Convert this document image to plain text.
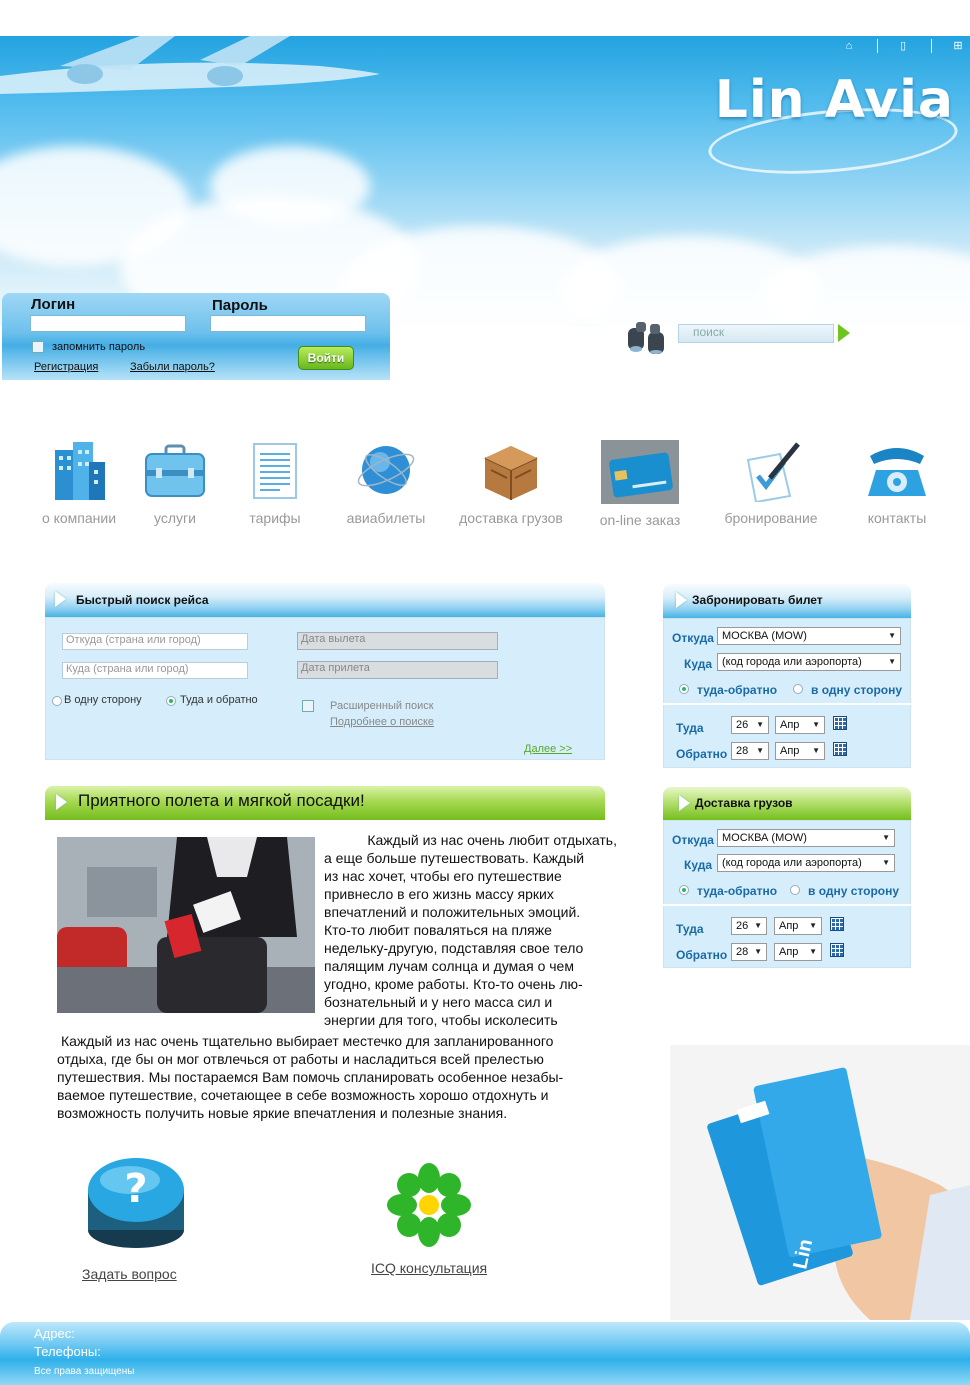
Lin Avia
⌂	▯	⊞
Логин	Пароль
запомнить пароль
Регистрация	Забыли пароль?
Войти
поиск
о компании	услуги	тарифы	авиабилеты	доставка грузов	on-line заказ	бронирование	контакты
Быстрый поиск рейса
Откуда (страна или город)
Куда (страна или город)
Дата вылета
Дата прилета
В одну сторону	Туда и обратно	Расширенный поиск
Подробнее о поиске
Далее >>
Забронировать билет
Откуда МОСКВА (MOW) ▼
Куда (код города или аэропорта) ▼
туда-обратно	в одну сторону
Туда	26 ▼	Апр ▼
Обратно 28 ▼	Апр ▼
Доставка грузов
Откуда МОСКВА (MOW) ▼
Куда (код города или аэропорта) ▼
туда-обратно	в одну сторону
Туда	26 ▼	Апр ▼
Обратно 28 ▼	Апр ▼
Приятного полета и мягкой посадки!
Каждый из нас очень любит отдыхать,
а еще больше путешествовать. Каждый
из нас хочет, чтобы его путешествие
привнесло в его жизнь массу ярких
впечатлений и положительных эмоций.
Кто-то любит поваляться на пляже
недельку-другую, подставляя свое тело
палящим лучам солнца и думая о чем
угодно, кроме работы. Кто-то очень лю-
бознательный и у него масса сил и
энергии для того, чтобы исколесить
Каждый из нас очень тщательно выбирает местечко для запланированного
отдыха, где бы он мог отвлечься от работы и насладиться всей прелестью
путешествия. Мы постараемся Вам помочь спланировать особенное незабы-
ваемое путешествие, сочетающее в себе возможность хорошо отдохнуть и
возможность получить новые яркие впечатления и полезные знания.
?
Задать вопрос	ICQ консультация	Lin
Адрес:
Телефоны:
Все права защищены
